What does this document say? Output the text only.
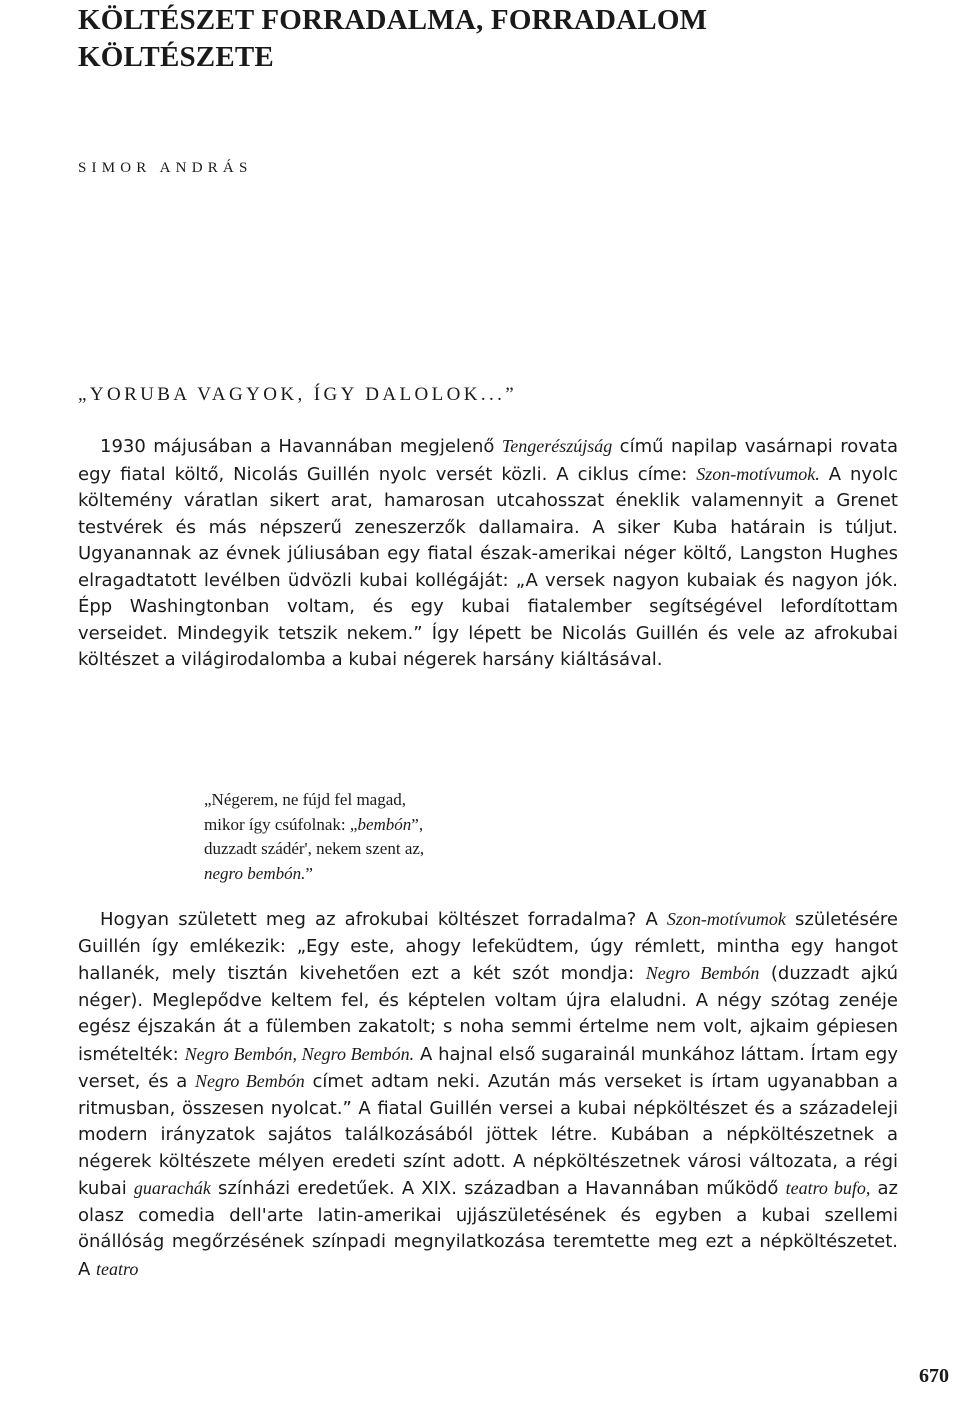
KÖLTÉSZET FORRADALMA, FORRADALOM
KÖLTÉSZETE
SIMOR ANDRÁS
„YORUBA VAGYOK, ÍGY DALOLOK...”

1930 májusában a Havannában megjelenő Tengerészújság című napilap vasárnapi rovata egy fiatal költő, Nicolás Guillén nyolc versét közli. A ciklus címe: Szon-motívumok. A nyolc költemény váratlan sikert arat, hamarosan utcahosszat éneklik valamennyit a Grenet testvérek és más népszerű zeneszerzők dallamaira. A siker Kuba határain is túljut. Ugyanannak az évnek júliusában egy fiatal észak-amerikai néger költő, Langston Hughes elragadtatott levélben üdvözli kubai kollégáját: „A versek nagyon kubaiak és nagyon jók. Épp Washingtonban voltam, és egy kubai fiatalember segítségével lefordítottam verseidet. Mindegyik tetszik nekem.” Így lépett be Nicolás Guillén és vele az afrokubai költészet a világirodalomba a kubai négerek harsány kiáltásával.

„Négerem, ne fújd fel magad,
mikor így csúfolnak: „bembón”,
duzzadt szádér', nekem szent az,
negro bembón.”

Hogyan született meg az afrokubai költészet forradalma? A Szon-motívumok születésére Guillén így emlékezik: „Egy este, ahogy lefeküdtem, úgy rémlett, mintha egy hangot hallanék, mely tisztán kivehetően ezt a két szót mondja: Negro Bembón (duzzadt ajkú néger). Meglepődve keltem fel, és képtelen voltam újra elaludni. A négy szótag zenéje egész éjszakán át a fülemben zakatolt; s noha semmi értelme nem volt, ajkaim gépiesen ismételték: Negro Bembón, Negro Bembón. A hajnal első sugarainál munkához láttam. Írtam egy verset, és a Negro Bembón címet adtam neki. Azután más verseket is írtam ugyanabban a ritmusban, összesen nyolcat.” A fiatal Guillén versei a kubai népköltészet és a századeleji modern irányzatok sajátos találkozásából jöttek létre. Kubában a népköltészetnek a négerek költészete mélyen eredeti színt adott. A népköltészetnek városi változata, a régi kubai guarachák színházi eredetűek. A XIX. században a Havannában működő teatro bufo, az olasz comedia dell'arte latin-amerikai ujjászületésének és egyben a kubai szellemi önállóság megőrzésének színpadi megnyilatkozása teremtette meg ezt a népköltészetet. A teatro

670
